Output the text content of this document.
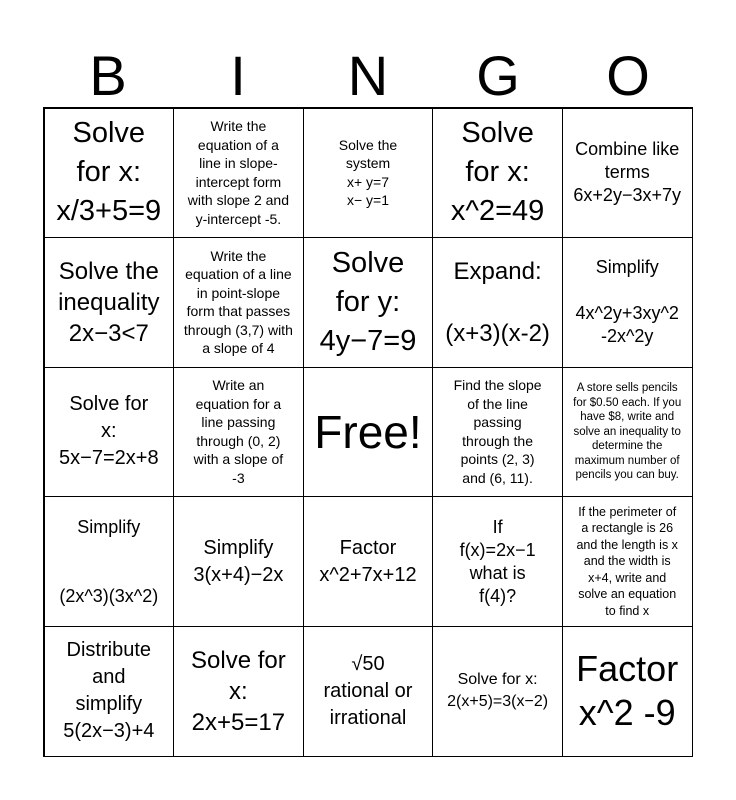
B	I	N	G	O
Solve
for x:
x/3+5=9
Write the
equation of a
line in slope-
intercept form
with slope 2 and
y-intercept -5.
Solve the
system
x+ y=7
x− y=1

Solve
for x:
x^2=49
Combine like
terms
6x+2y−3x+7y
Solve the
inequality
2x−3<7
Write the
equation of a line
in point-slope
form that passes
through (3,7) with
a slope of 4
Solve
for y:
4y−7=9
Expand:

(x+3)(x-2)
Simplify

4x^2y+3xy^2
-2x^2y
Solve for
x:
5x−7=2x+8
Write an
equation for a
line passing
through (0, 2)
with a slope of
-3
Free!
Find the slope
of the line
passing
through the
points (2, 3)
and (6, 11).
A store sells pencils
for $0.50 each. If you
have $8, write and
solve an inequality to
determine the
maximum number of
pencils you can buy.
Simplify

(2x^3)(3x^2)
Simplify
3(x+4)−2x
Factor
x^2+7x+12
If
f(x)=2x−1
what is
f(4)?
If the perimeter of
a rectangle is 26
and the length is x
and the width is
x+4, write and
solve an equation
to find x
Distribute
and
simplify
5(2x−3)+4
Solve for
x:
2x+5=17
√50
rational or
irrational
Solve for x:
2(x+5)=3(x−2)
Factor
x^2 -9
